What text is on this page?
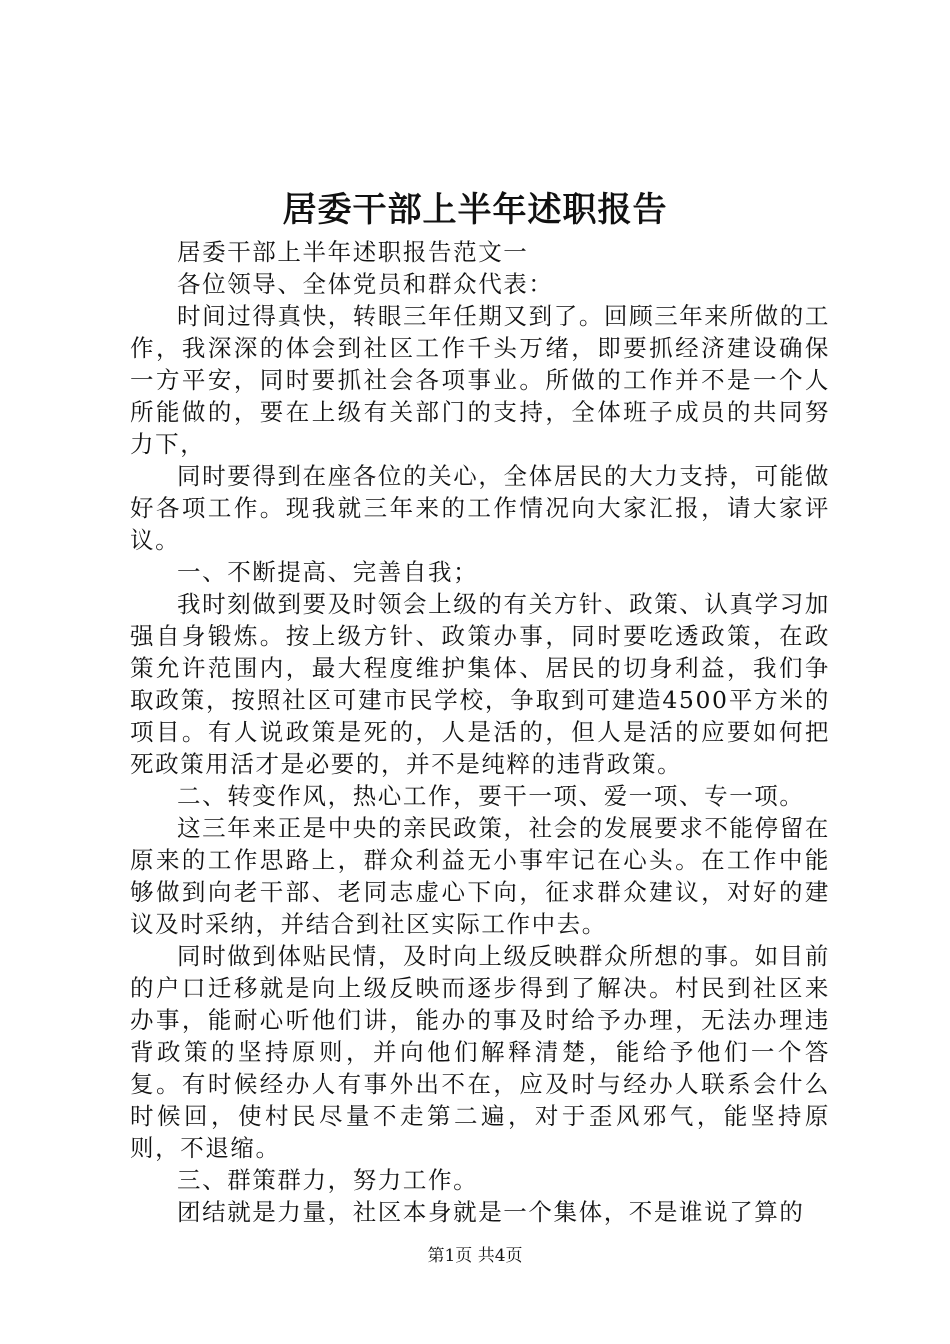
居委干部上半年述职报告

居委干部上半年述职报告范文一

各位领导、全体党员和群众代表：

时间过得真快，转眼三年任期又到了。回顾三年来所做的工作，我深深的体会到社区工作千头万绪，即要抓经济建设确保一方平安，同时要抓社会各项事业。所做的工作并不是一个人所能做的，要在上级有关部门的支持，全体班子成员的共同努力下，

同时要得到在座各位的关心，全体居民的大力支持，可能做好各项工作。现我就三年来的工作情况向大家汇报，请大家评议。

一、不断提高、完善自我；

我时刻做到要及时领会上级的有关方针、政策、认真学习加强自身锻炼。按上级方针、政策办事，同时要吃透政策，在政策允许范围内，最大程度维护集体、居民的切身利益，我们争取政策，按照社区可建市民学校，争取到可建造4500平方米的项目。有人说政策是死的，人是活的，但人是活的应要如何把死政策用活才是必要的，并不是纯粹的违背政策。

二、转变作风，热心工作，要干一项、爱一项、专一项。

这三年来正是中央的亲民政策，社会的发展要求不能停留在原来的工作思路上，群众利益无小事牢记在心头。在工作中能够做到向老干部、老同志虚心下向，征求群众建议，对好的建议及时采纳，并结合到社区实际工作中去。

同时做到体贴民情，及时向上级反映群众所想的事。如目前的户口迁移就是向上级反映而逐步得到了解决。村民到社区来办事，能耐心听他们讲，能办的事及时给予办理，无法办理违背政策的坚持原则，并向他们解释清楚，能给予他们一个答复。有时候经办人有事外出不在，应及时与经办人联系会什么时候回，使村民尽量不走第二遍，对于歪风邪气，能坚持原则，不退缩。

三、群策群力，努力工作。

团结就是力量，社区本身就是一个集体，不是谁说了算的

第1页 共4页
